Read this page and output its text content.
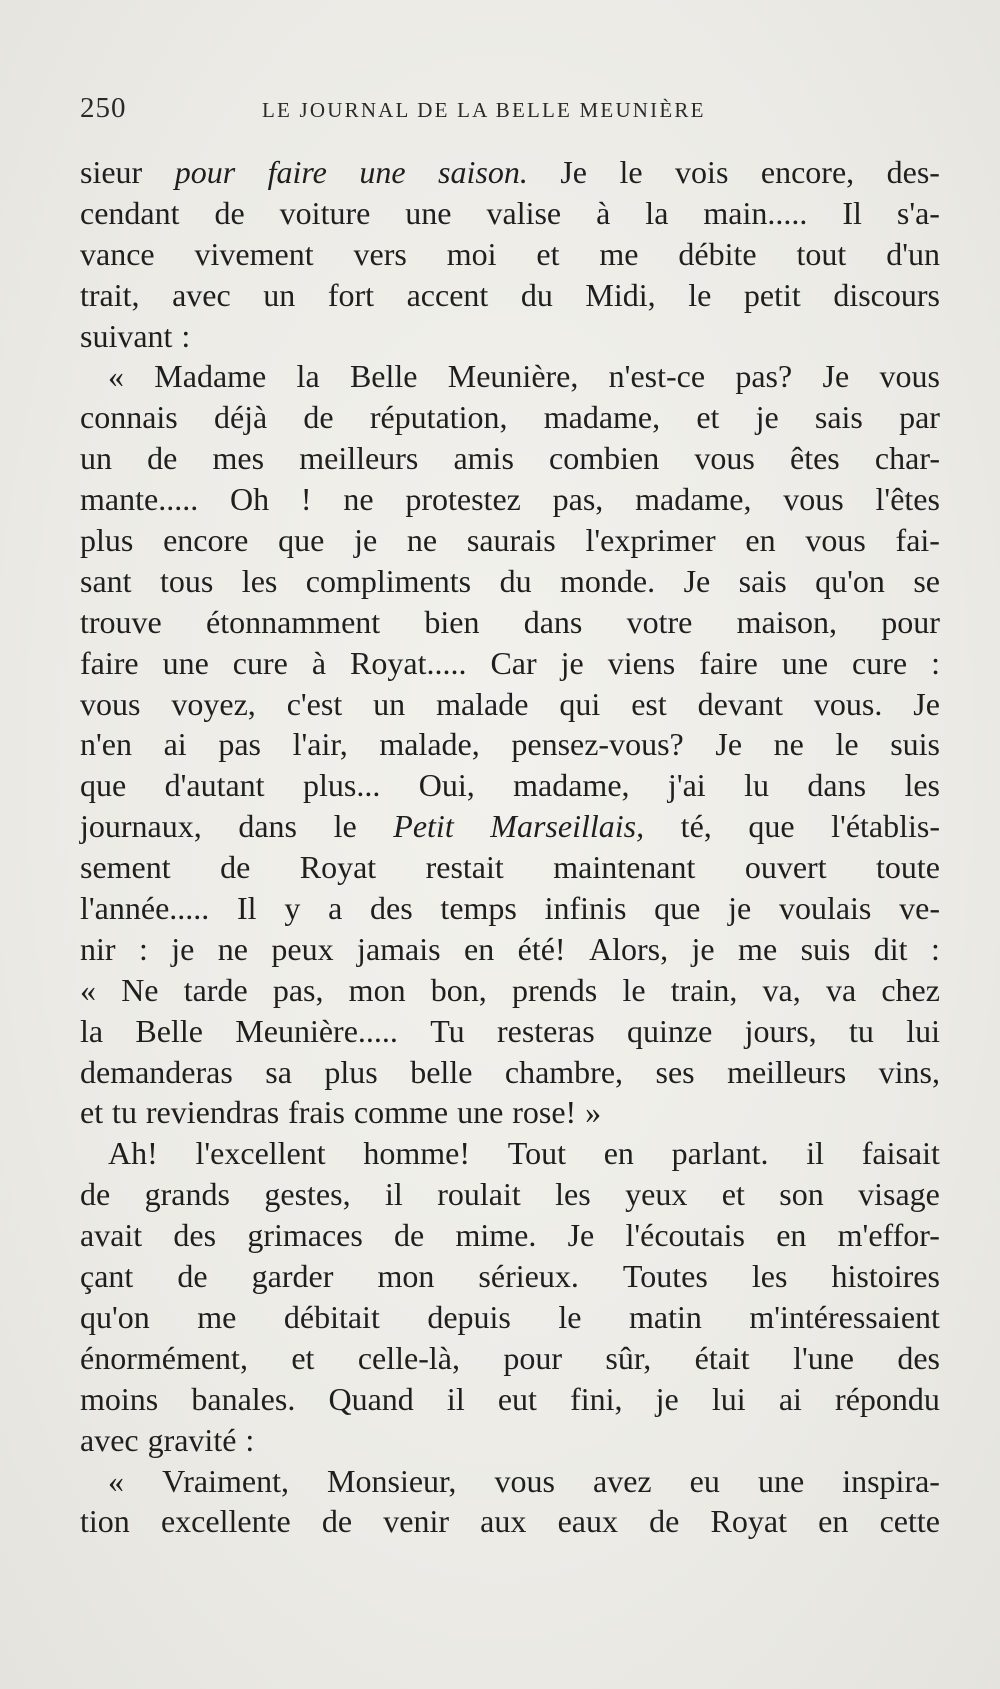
250	LE JOURNAL DE LA BELLE MEUNIÈRE
sieur pour faire une saison. Je le vois encore, des-
cendant de voiture une valise à la main..... Il s'a-
vance vivement vers moi et me débite tout d'un
trait, avec un fort accent du Midi, le petit discours
suivant :
« Madame la Belle Meunière, n'est-ce pas? Je vous
connais déjà de réputation, madame, et je sais par
un de mes meilleurs amis combien vous êtes char-
mante..... Oh ! ne protestez pas, madame, vous l'êtes
plus encore que je ne saurais l'exprimer en vous fai-
sant tous les compliments du monde. Je sais qu'on se
trouve étonnamment bien dans votre maison, pour
faire une cure à Royat..... Car je viens faire une cure :
vous voyez, c'est un malade qui est devant vous. Je
n'en ai pas l'air, malade, pensez-vous? Je ne le suis
que d'autant plus... Oui, madame, j'ai lu dans les
journaux, dans le Petit Marseillais, té, que l'établis-
sement de Royat restait maintenant ouvert toute
l'année..... Il y a des temps infinis que je voulais ve-
nir : je ne peux jamais en été! Alors, je me suis dit :
« Ne tarde pas, mon bon, prends le train, va, va chez
la Belle Meunière..... Tu resteras quinze jours, tu lui
demanderas sa plus belle chambre, ses meilleurs vins,
et tu reviendras frais comme une rose! »
Ah! l'excellent homme! Tout en parlant. il faisait
de grands gestes, il roulait les yeux et son visage
avait des grimaces de mime. Je l'écoutais en m'effor-
çant de garder mon sérieux. Toutes les histoires
qu'on me débitait depuis le matin m'intéressaient
énormément, et celle-là, pour sûr, était l'une des
moins banales. Quand il eut fini, je lui ai répondu
avec gravité :
« Vraiment, Monsieur, vous avez eu une inspira-
tion excellente de venir aux eaux de Royat en cette
